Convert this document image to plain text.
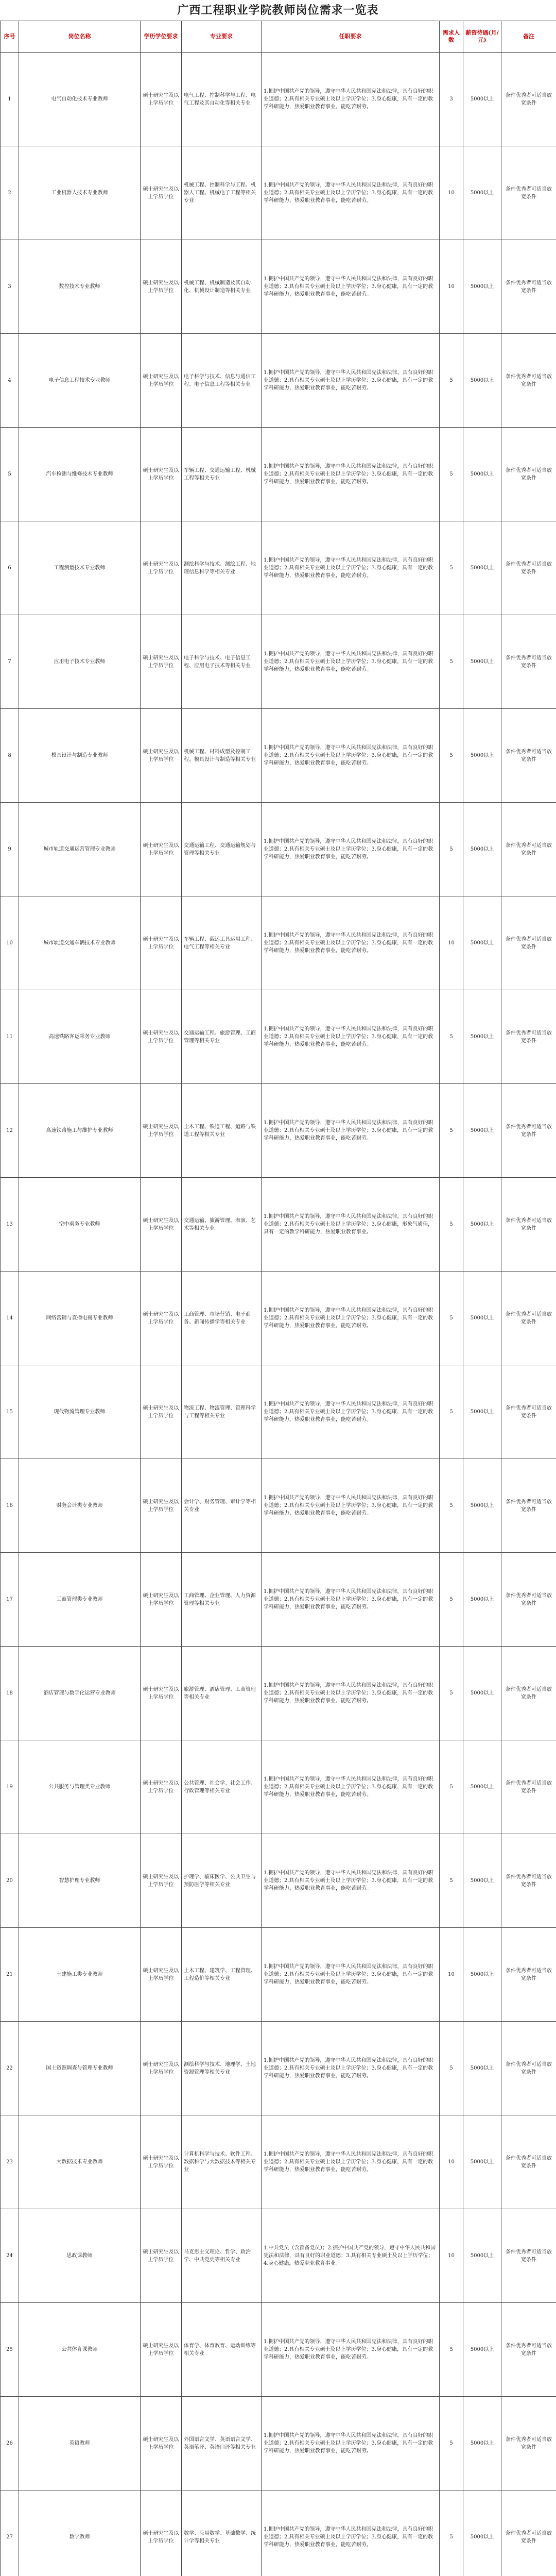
广西工程职业学院教师岗位需求一览表
序号	岗位名称	学历学位要求	专业要求	任职要求	需求人数	薪资待遇(月/元)	备注
1	电气自动化技术专业教师	硕士研究生及以上学历学位	电气工程、控制科学与工程、电气工程及其自动化等相关专业	1.拥护中国共产党的领导，遵守中华人民共和国宪法和法律，具有良好的职业道德；2.具有相关专业硕士及以上学历学位；3.身心健康，具有一定的教学科研能力，热爱职业教育事业，能吃苦耐劳。	3	5000以上	条件优秀者可适当放宽条件
2	工业机器人技术专业教师	硕士研究生及以上学历学位	机械工程、控制科学与工程、机器人工程、机械电子工程等相关专业	1.拥护中国共产党的领导，遵守中华人民共和国宪法和法律，具有良好的职业道德；2.具有相关专业硕士及以上学历学位；3.身心健康，具有一定的教学科研能力，热爱职业教育事业，能吃苦耐劳。	10	5000以上	条件优秀者可适当放宽条件
3	数控技术专业教师	硕士研究生及以上学历学位	机械工程、机械制造及其自动化、机械设计制造等相关专业	1.拥护中国共产党的领导，遵守中华人民共和国宪法和法律，具有良好的职业道德；2.具有相关专业硕士及以上学历学位；3.身心健康，具有一定的教学科研能力，热爱职业教育事业，能吃苦耐劳。	10	5000以上	条件优秀者可适当放宽条件
4	电子信息工程技术专业教师	硕士研究生及以上学历学位	电子科学与技术、信息与通信工程、电子信息工程等相关专业	1.拥护中国共产党的领导，遵守中华人民共和国宪法和法律，具有良好的职业道德；2.具有相关专业硕士及以上学历学位；3.身心健康，具有一定的教学科研能力，热爱职业教育事业，能吃苦耐劳。	5	5000以上	条件优秀者可适当放宽条件
5	汽车检测与维修技术专业教师	硕士研究生及以上学历学位	车辆工程、交通运输工程、机械工程等相关专业	1.拥护中国共产党的领导，遵守中华人民共和国宪法和法律，具有良好的职业道德；2.具有相关专业硕士及以上学历学位；3.身心健康，具有一定的教学科研能力，热爱职业教育事业，能吃苦耐劳。	5	5000以上	条件优秀者可适当放宽条件
6	工程测量技术专业教师	硕士研究生及以上学历学位	测绘科学与技术、测绘工程、地理信息科学等相关专业	1.拥护中国共产党的领导，遵守中华人民共和国宪法和法律，具有良好的职业道德；2.具有相关专业硕士及以上学历学位；3.身心健康，具有一定的教学科研能力，热爱职业教育事业，能吃苦耐劳。	5	5000以上	条件优秀者可适当放宽条件
7	应用电子技术专业教师	硕士研究生及以上学历学位	电子科学与技术、电子信息工程、应用电子技术等相关专业	1.拥护中国共产党的领导，遵守中华人民共和国宪法和法律，具有良好的职业道德；2.具有相关专业硕士及以上学历学位；3.身心健康，具有一定的教学科研能力，热爱职业教育事业，能吃苦耐劳。	5	5000以上	条件优秀者可适当放宽条件
8	模具设计与制造专业教师	硕士研究生及以上学历学位	机械工程、材料成型及控制工程、模具设计与制造等相关专业	1.拥护中国共产党的领导，遵守中华人民共和国宪法和法律，具有良好的职业道德；2.具有相关专业硕士及以上学历学位；3.身心健康，具有一定的教学科研能力，热爱职业教育事业，能吃苦耐劳。	5	5000以上	条件优秀者可适当放宽条件
9	城市轨道交通运营管理专业教师	硕士研究生及以上学历学位	交通运输工程、交通运输规划与管理等相关专业	1.拥护中国共产党的领导，遵守中华人民共和国宪法和法律，具有良好的职业道德；2.具有相关专业硕士及以上学历学位；3.身心健康，具有一定的教学科研能力，热爱职业教育事业，能吃苦耐劳。	5	5000以上	条件优秀者可适当放宽条件
10	城市轨道交通车辆技术专业教师	硕士研究生及以上学历学位	车辆工程、载运工具运用工程、电气工程等相关专业	1.拥护中国共产党的领导，遵守中华人民共和国宪法和法律，具有良好的职业道德；2.具有相关专业硕士及以上学历学位；3.身心健康，具有一定的教学科研能力，热爱职业教育事业，能吃苦耐劳。	10	5000以上	条件优秀者可适当放宽条件
11	高速铁路客运乘务专业教师	硕士研究生及以上学历学位	交通运输工程、旅游管理、工商管理等相关专业	1.拥护中国共产党的领导，遵守中华人民共和国宪法和法律，具有良好的职业道德；2.具有相关专业硕士及以上学历学位；3.身心健康，具有一定的教学科研能力，热爱职业教育事业，能吃苦耐劳。	5	5000以上	条件优秀者可适当放宽条件
12	高速铁路施工与维护专业教师	硕士研究生及以上学历学位	土木工程、铁道工程、道路与铁道工程等相关专业	1.拥护中国共产党的领导，遵守中华人民共和国宪法和法律，具有良好的职业道德；2.具有相关专业硕士及以上学历学位；3.身心健康，具有一定的教学科研能力，热爱职业教育事业，能吃苦耐劳。	5	5000以上	条件优秀者可适当放宽条件
13	空中乘务专业教师	硕士研究生及以上学历学位	交通运输、旅游管理、表演、艺术等相关专业	1.拥护中国共产党的领导，遵守中华人民共和国宪法和法律，具有良好的职业道德；2.具有相关专业硕士及以上学历学位；3.身心健康，形象气质佳，具有一定的教学科研能力，热爱职业教育事业。	5	5000以上	条件优秀者可适当放宽条件
14	网络营销与直播电商专业教师	硕士研究生及以上学历学位	工商管理、市场营销、电子商务、新闻传播学等相关专业	1.拥护中国共产党的领导，遵守中华人民共和国宪法和法律，具有良好的职业道德；2.具有相关专业硕士及以上学历学位；3.身心健康，具有一定的教学科研能力，热爱职业教育事业，能吃苦耐劳。	5	5000以上	条件优秀者可适当放宽条件
15	现代物流管理专业教师	硕士研究生及以上学历学位	物流工程、物流管理、管理科学与工程等相关专业	1.拥护中国共产党的领导，遵守中华人民共和国宪法和法律，具有良好的职业道德；2.具有相关专业硕士及以上学历学位；3.身心健康，具有一定的教学科研能力，热爱职业教育事业，能吃苦耐劳。	5	5000以上	条件优秀者可适当放宽条件
16	财务会计类专业教师	硕士研究生及以上学历学位	会计学、财务管理、审计学等相关专业	1.拥护中国共产党的领导，遵守中华人民共和国宪法和法律，具有良好的职业道德；2.具有相关专业硕士及以上学历学位；3.身心健康，具有一定的教学科研能力，热爱职业教育事业，能吃苦耐劳。	5	5000以上	条件优秀者可适当放宽条件
17	工商管理类专业教师	硕士研究生及以上学历学位	工商管理、企业管理、人力资源管理等相关专业	1.拥护中国共产党的领导，遵守中华人民共和国宪法和法律，具有良好的职业道德；2.具有相关专业硕士及以上学历学位；3.身心健康，具有一定的教学科研能力，热爱职业教育事业，能吃苦耐劳。	5	5000以上	条件优秀者可适当放宽条件
18	酒店管理与数字化运营专业教师	硕士研究生及以上学历学位	旅游管理、酒店管理、工商管理等相关专业	1.拥护中国共产党的领导，遵守中华人民共和国宪法和法律，具有良好的职业道德；2.具有相关专业硕士及以上学历学位；3.身心健康，具有一定的教学科研能力，热爱职业教育事业，能吃苦耐劳。	5	5000以上	条件优秀者可适当放宽条件
19	公共服务与管理类专业教师	硕士研究生及以上学历学位	公共管理、社会学、社会工作、行政管理等相关专业	1.拥护中国共产党的领导，遵守中华人民共和国宪法和法律，具有良好的职业道德；2.具有相关专业硕士及以上学历学位；3.身心健康，具有一定的教学科研能力，热爱职业教育事业，能吃苦耐劳。	5	5000以上	条件优秀者可适当放宽条件
20	智慧护理专业教师	硕士研究生及以上学历学位	护理学、临床医学、公共卫生与预防医学等相关专业	1.拥护中国共产党的领导，遵守中华人民共和国宪法和法律，具有良好的职业道德；2.具有相关专业硕士及以上学历学位；3.身心健康，具有一定的教学科研能力，热爱职业教育事业，能吃苦耐劳。	5	5000以上	条件优秀者可适当放宽条件
21	土建施工类专业教师	硕士研究生及以上学历学位	土木工程、建筑学、工程管理、工程造价等相关专业	1.拥护中国共产党的领导，遵守中华人民共和国宪法和法律，具有良好的职业道德；2.具有相关专业硕士及以上学历学位；3.身心健康，具有一定的教学科研能力，热爱职业教育事业，能吃苦耐劳。	10	5000以上	条件优秀者可适当放宽条件
22	国土资源调查与管理专业教师	硕士研究生及以上学历学位	测绘科学与技术、地理学、土地资源管理等相关专业	1.拥护中国共产党的领导，遵守中华人民共和国宪法和法律，具有良好的职业道德；2.具有相关专业硕士及以上学历学位；3.身心健康，具有一定的教学科研能力，热爱职业教育事业，能吃苦耐劳。	5	5000以上	条件优秀者可适当放宽条件
23	大数据技术专业教师	硕士研究生及以上学历学位	计算机科学与技术、软件工程、数据科学与大数据技术等相关专业	1.拥护中国共产党的领导，遵守中华人民共和国宪法和法律，具有良好的职业道德；2.具有相关专业硕士及以上学历学位；3.身心健康，具有一定的教学科研能力，热爱职业教育事业，能吃苦耐劳。	10	5000以上	条件优秀者可适当放宽条件
24	思政课教师	硕士研究生及以上学历学位	马克思主义理论、哲学、政治学、中共党史等相关专业	1.中共党员（含预备党员）；2.拥护中国共产党的领导，遵守中华人民共和国宪法和法律，具有良好的职业道德；3.具有相关专业硕士及以上学历学位；4.身心健康，热爱职业教育事业。	10	5000以上	条件优秀者可适当放宽条件
25	公共体育课教师	硕士研究生及以上学历学位	体育学、体育教育、运动训练等相关专业	1.拥护中国共产党的领导，遵守中华人民共和国宪法和法律，具有良好的职业道德；2.具有相关专业硕士及以上学历学位；3.身心健康，具有一定的教学科研能力，热爱职业教育事业，能吃苦耐劳。	5	5000以上	条件优秀者可适当放宽条件
26	英语教师	硕士研究生及以上学历学位	外国语言文学、英语语言文学、英语笔译、英语口译等相关专业	1.拥护中国共产党的领导，遵守中华人民共和国宪法和法律，具有良好的职业道德；2.具有相关专业硕士及以上学历学位；3.身心健康，具有一定的教学科研能力，热爱职业教育事业，能吃苦耐劳。	5	5000以上	条件优秀者可适当放宽条件
27	数学教师	硕士研究生及以上学历学位	数学、应用数学、基础数学、统计学等相关专业	1.拥护中国共产党的领导，遵守中华人民共和国宪法和法律，具有良好的职业道德；2.具有相关专业硕士及以上学历学位；3.身心健康，具有一定的教学科研能力，热爱职业教育事业，能吃苦耐劳。	5	5000以上	条件优秀者可适当放宽条件
